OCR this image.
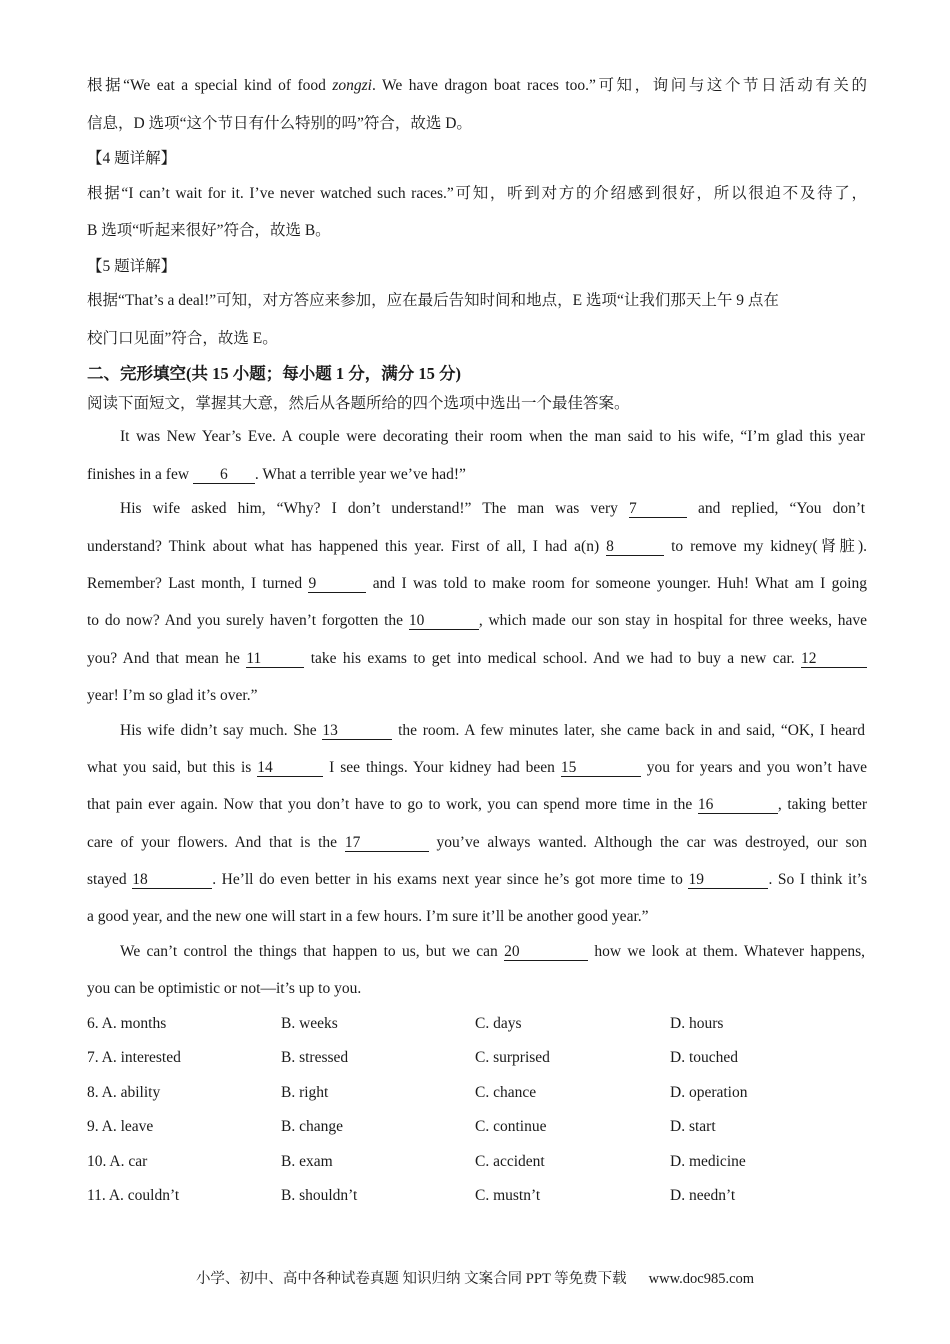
根据“We eat a special kind of food zongzi. We have dragon boat races too.”可知，询问与这个节日活动有关的
信息，D 选项“这个节日有什么特别的吗”符合，故选 D。
【4 题详解】
根据“I can’t wait for it. I’ve never watched such races.”可知，听到对方的介绍感到很好，所以很迫不及待了，
B 选项“听起来很好”符合，故选 B。
【5 题详解】
根据“That’s a deal!”可知，对方答应来参加，应在最后告知时间和地点，E 选项“让我们那天上午 9 点在
校门口见面”符合，故选 E。
二、完形填空(共 15 小题；每小题 1 分，满分 15 分)
阅读下面短文，掌握其大意，然后从各题所给的四个选项中选出一个最佳答案。
It was New Year’s Eve. A couple were decorating their room when the man said to his wife, “I’m glad this year
finishes in a few 6 . What a terrible year we’ve had!”
His wife asked him, “Why? I don’t understand!” The man was very 7	and replied, “You don’t
understand? Think about what has happened this year. First of all, I had a(n) 8	to remove my kidney(肾脏).
Remember? Last month, I turned 9	and I was told to make room for someone younger. Huh! What am I going
to do now? And you surely haven’t forgotten the 10	, which made our son stay in hospital for three weeks, have
you? And that mean he 11	take his exams to get into medical school. And we had to buy a new car. 12
year! I’m so glad it’s over.”
His wife didn’t say much. She 13	the room. A few minutes later, she came back in and said, “OK, I heard
what you said, but this is 14	I see things. Your kidney had been 15	you for years and you won’t have
that pain ever again. Now that you don’t have to go to work, you can spend more time in the 16	, taking better
care of your flowers. And that is the 17	you’ve always wanted. Although the car was destroyed, our son
stayed 18	. He’ll do even better in his exams next year since he’s got more time to 19	. So I think it’s
a good year, and the new one will start in a few hours. I’m sure it’ll be another good year.”
We can’t control the things that happen to us, but we can 20	how we look at them. Whatever happens,
you can be optimistic or not—it’s up to you.
6. A. months	B. weeks	C. days	D. hours
7. A. interested	B. stressed	C. surprised	D. touched
8. A. ability	B. right	C. chance	D. operation
9. A. leave	B. change	C. continue	D. start
10. A. car	B. exam	C. accident	D. medicine
11. A. couldn’t	B. shouldn’t	C. mustn’t	D. needn’t
小学、初中、高中各种试卷真题 知识归纳 文案合同 PPT 等免费下载 www.doc985.com
